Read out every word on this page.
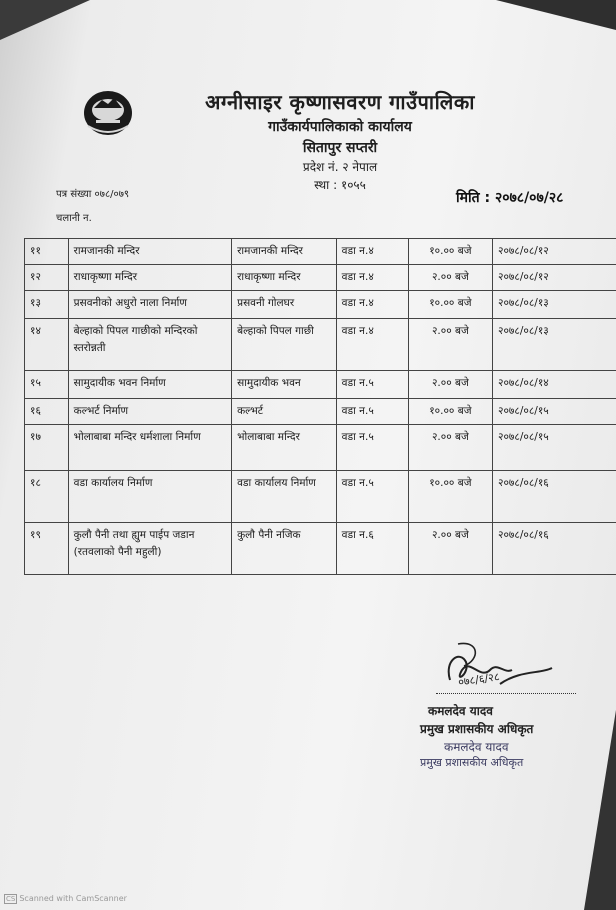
अग्नीसाइर कृष्णासवरण गाउँपालिका
गाउँकार्यपालिकाको कार्यालय
सितापुर सप्तरी
प्रदेश नं. २ नेपाल
स्था : १०५५
पत्र संख्या ०७८/०७९
चलानी न.
मिति : २०७८/०७/२८
११	रामजानकी मन्दिर	रामजानकी मन्दिर	वडा न.४	१०.०० बजे	२०७८/०८/१२
१२	राधाकृष्णा मन्दिर	राधाकृष्णा मन्दिर	वडा न.४	२.०० बजे	२०७८/०८/१२
१३	प्रसवनीको अधुरो नाला निर्माण	प्रसवनी गोलघर	वडा न.४	१०.०० बजे	२०७८/०८/१३
१४	बेल्हाको पिपल गाछीको मन्दिरको स्तरोन्नती	बेल्हाको पिपल गाछी	वडा न.४	२.०० बजे	२०७८/०८/१३
१५	सामुदायीक भवन निर्माण	सामुदायीक भवन	वडा न.५	२.०० बजे	२०७८/०८/१४
१६	कल्भर्ट निर्माण	कल्भर्ट	वडा न.५	१०.०० बजे	२०७८/०८/१५
१७	भोलाबाबा मन्दिर धर्मशाला निर्माण	भोलाबाबा मन्दिर	वडा न.५	२.०० बजे	२०७८/०८/१५
१८	वडा कार्यालय निर्माण	वडा कार्यालय निर्माण	वडा न.५	१०.०० बजे	२०७८/०८/१६
१९	कुलौ पैनी तथा ह्युम पाईप जडान (रतवलाको पैनी महुली)	कुलौ पैनी नजिक	वडा न.६	२.०० बजे	२०७८/०८/१६
०७८/६/२८
कमलदेव यादव
प्रमुख प्रशासकीय अधिकृत
कमलदेव यादव
प्रमुख प्रशासकीय अधिकृत
CS Scanned with CamScanner
